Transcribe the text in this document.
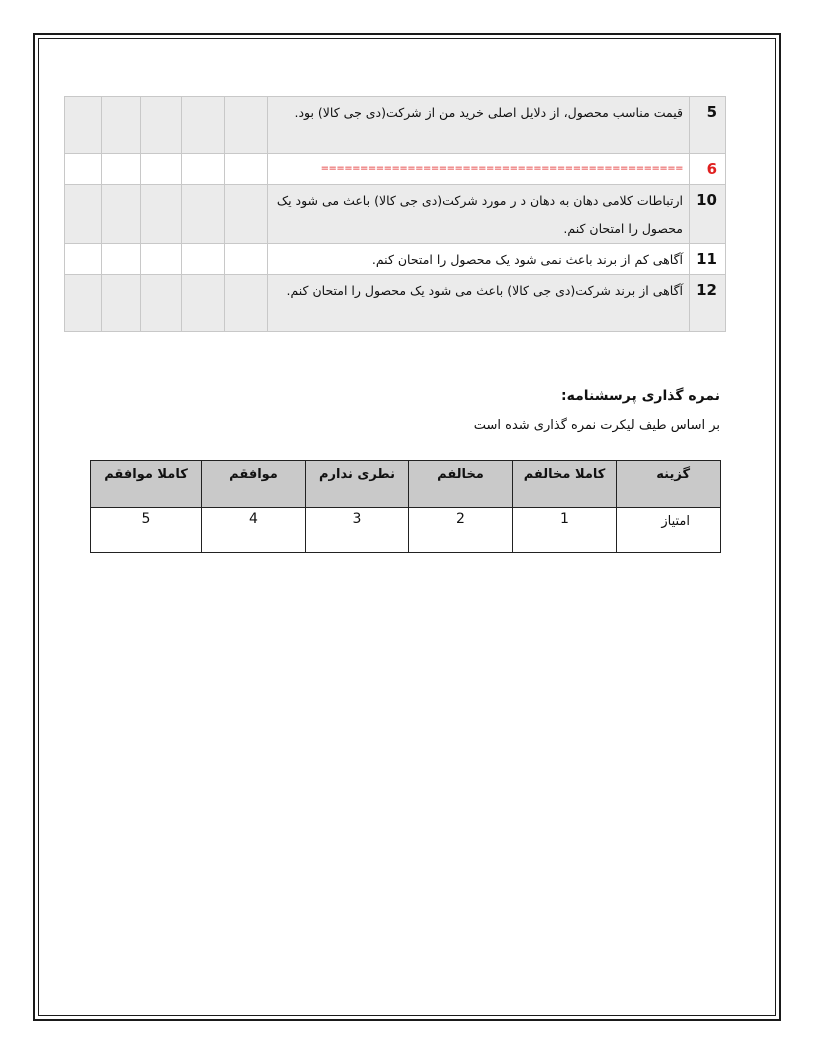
5	قیمت مناسب محصول، از دلایل اصلی خرید من از شرکت(دی جی کالا) بود.					
6	==============================================					
10	ارتباطات کلامی دهان به دهان د ر مورد شرکت(دی جی کالا) باعث می شود یک محصول را امتحان کنم.					
11	آگاهی کم از برند باعث نمی شود یک محصول را امتحان کنم.					
12	آگاهی از برند شرکت(دی جی کالا) باعث می شود یک محصول را امتحان کنم.					
نمره گذاری پرسشنامه:
بر اساس طیف لیکرت نمره گذاری شده است
گزینه	کاملا مخالفم	مخالفم	نطری ندارم	موافقم	کاملا موافقم
امتیاز	1	2	3	4	5
